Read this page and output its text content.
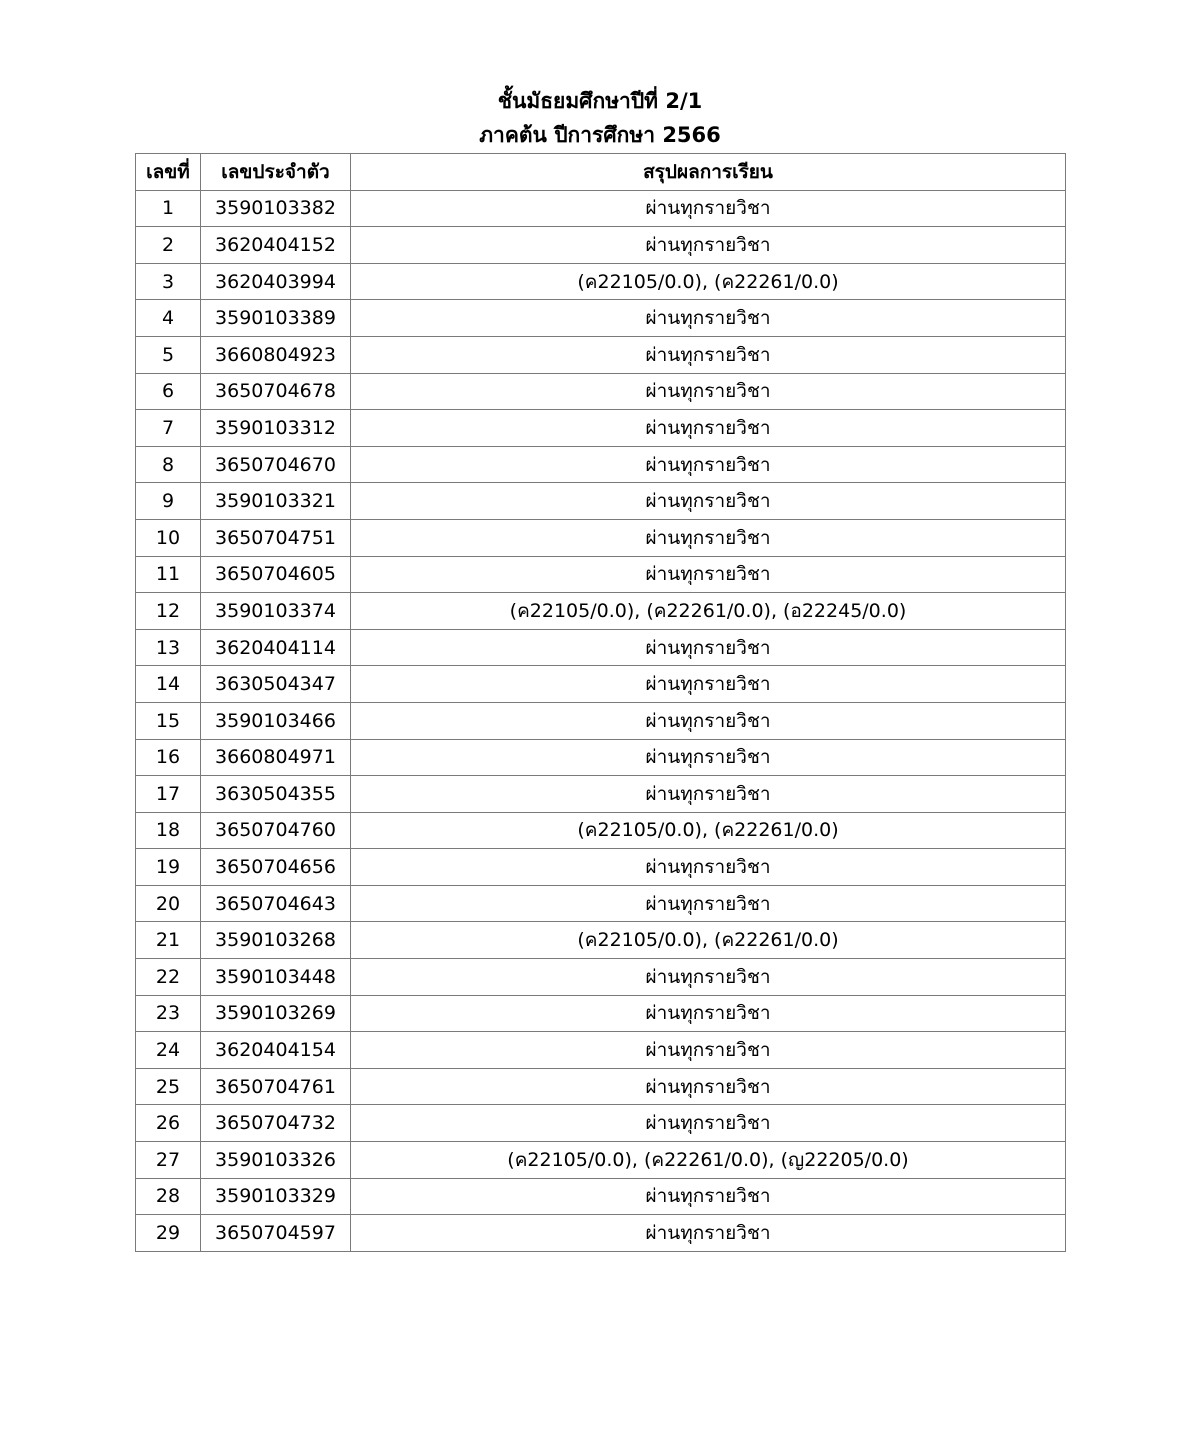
ชั้นมัธยมศึกษาปีที่ 2/1
ภาคต้น ปีการศึกษา 2566
เลขที่	เลขประจำตัว	สรุปผลการเรียน
1	3590103382	ผ่านทุกรายวิชา
2	3620404152	ผ่านทุกรายวิชา
3	3620403994	(ค22105/0.0), (ค22261/0.0)
4	3590103389	ผ่านทุกรายวิชา
5	3660804923	ผ่านทุกรายวิชา
6	3650704678	ผ่านทุกรายวิชา
7	3590103312	ผ่านทุกรายวิชา
8	3650704670	ผ่านทุกรายวิชา
9	3590103321	ผ่านทุกรายวิชา
10	3650704751	ผ่านทุกรายวิชา
11	3650704605	ผ่านทุกรายวิชา
12	3590103374	(ค22105/0.0), (ค22261/0.0), (อ22245/0.0)
13	3620404114	ผ่านทุกรายวิชา
14	3630504347	ผ่านทุกรายวิชา
15	3590103466	ผ่านทุกรายวิชา
16	3660804971	ผ่านทุกรายวิชา
17	3630504355	ผ่านทุกรายวิชา
18	3650704760	(ค22105/0.0), (ค22261/0.0)
19	3650704656	ผ่านทุกรายวิชา
20	3650704643	ผ่านทุกรายวิชา
21	3590103268	(ค22105/0.0), (ค22261/0.0)
22	3590103448	ผ่านทุกรายวิชา
23	3590103269	ผ่านทุกรายวิชา
24	3620404154	ผ่านทุกรายวิชา
25	3650704761	ผ่านทุกรายวิชา
26	3650704732	ผ่านทุกรายวิชา
27	3590103326	(ค22105/0.0), (ค22261/0.0), (ญ22205/0.0)
28	3590103329	ผ่านทุกรายวิชา
29	3650704597	ผ่านทุกรายวิชา
